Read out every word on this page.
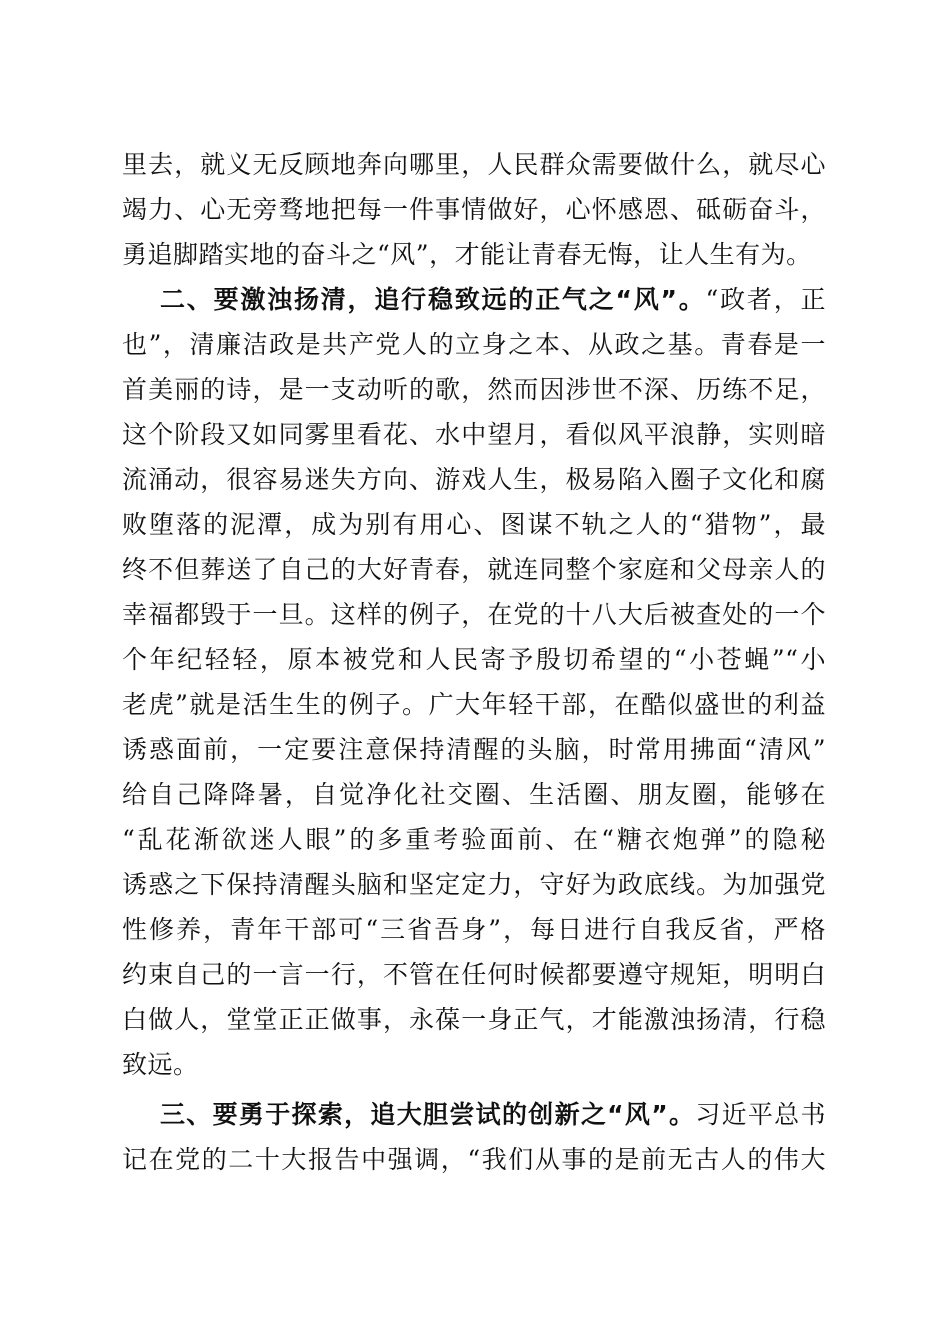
里去，就义无反顾地奔向哪里，人民群众需要做什么，就尽心
竭力、心无旁骛地把每一件事情做好，心怀感恩、砥砺奋斗，
勇追脚踏实地的奋斗之“风”，才能让青春无悔，让人生有为。
二、要激浊扬清，追行稳致远的正气之“风”。“政者，正
也”，清廉洁政是共产党人的立身之本、从政之基。青春是一
首美丽的诗，是一支动听的歌，然而因涉世不深、历练不足，
这个阶段又如同雾里看花、水中望月，看似风平浪静，实则暗
流涌动，很容易迷失方向、游戏人生，极易陷入圈子文化和腐
败堕落的泥潭，成为别有用心、图谋不轨之人的“猎物”，最
终不但葬送了自己的大好青春，就连同整个家庭和父母亲人的
幸福都毁于一旦。这样的例子，在党的十八大后被查处的一个
个年纪轻轻，原本被党和人民寄予殷切希望的“小苍蝇”“小
老虎”就是活生生的例子。广大年轻干部，在酷似盛世的利益
诱惑面前，一定要注意保持清醒的头脑，时常用拂面“清风”
给自己降降暑，自觉净化社交圈、生活圈、朋友圈，能够在
“乱花渐欲迷人眼”的多重考验面前、在“糖衣炮弹”的隐秘
诱惑之下保持清醒头脑和坚定定力，守好为政底线。为加强党
性修养，青年干部可“三省吾身”，每日进行自我反省，严格
约束自己的一言一行，不管在任何时候都要遵守规矩，明明白
白做人，堂堂正正做事，永葆一身正气，才能激浊扬清，行稳
致远。
三、要勇于探索，追大胆尝试的创新之“风”。习近平总书
记在党的二十大报告中强调，“我们从事的是前无古人的伟大
